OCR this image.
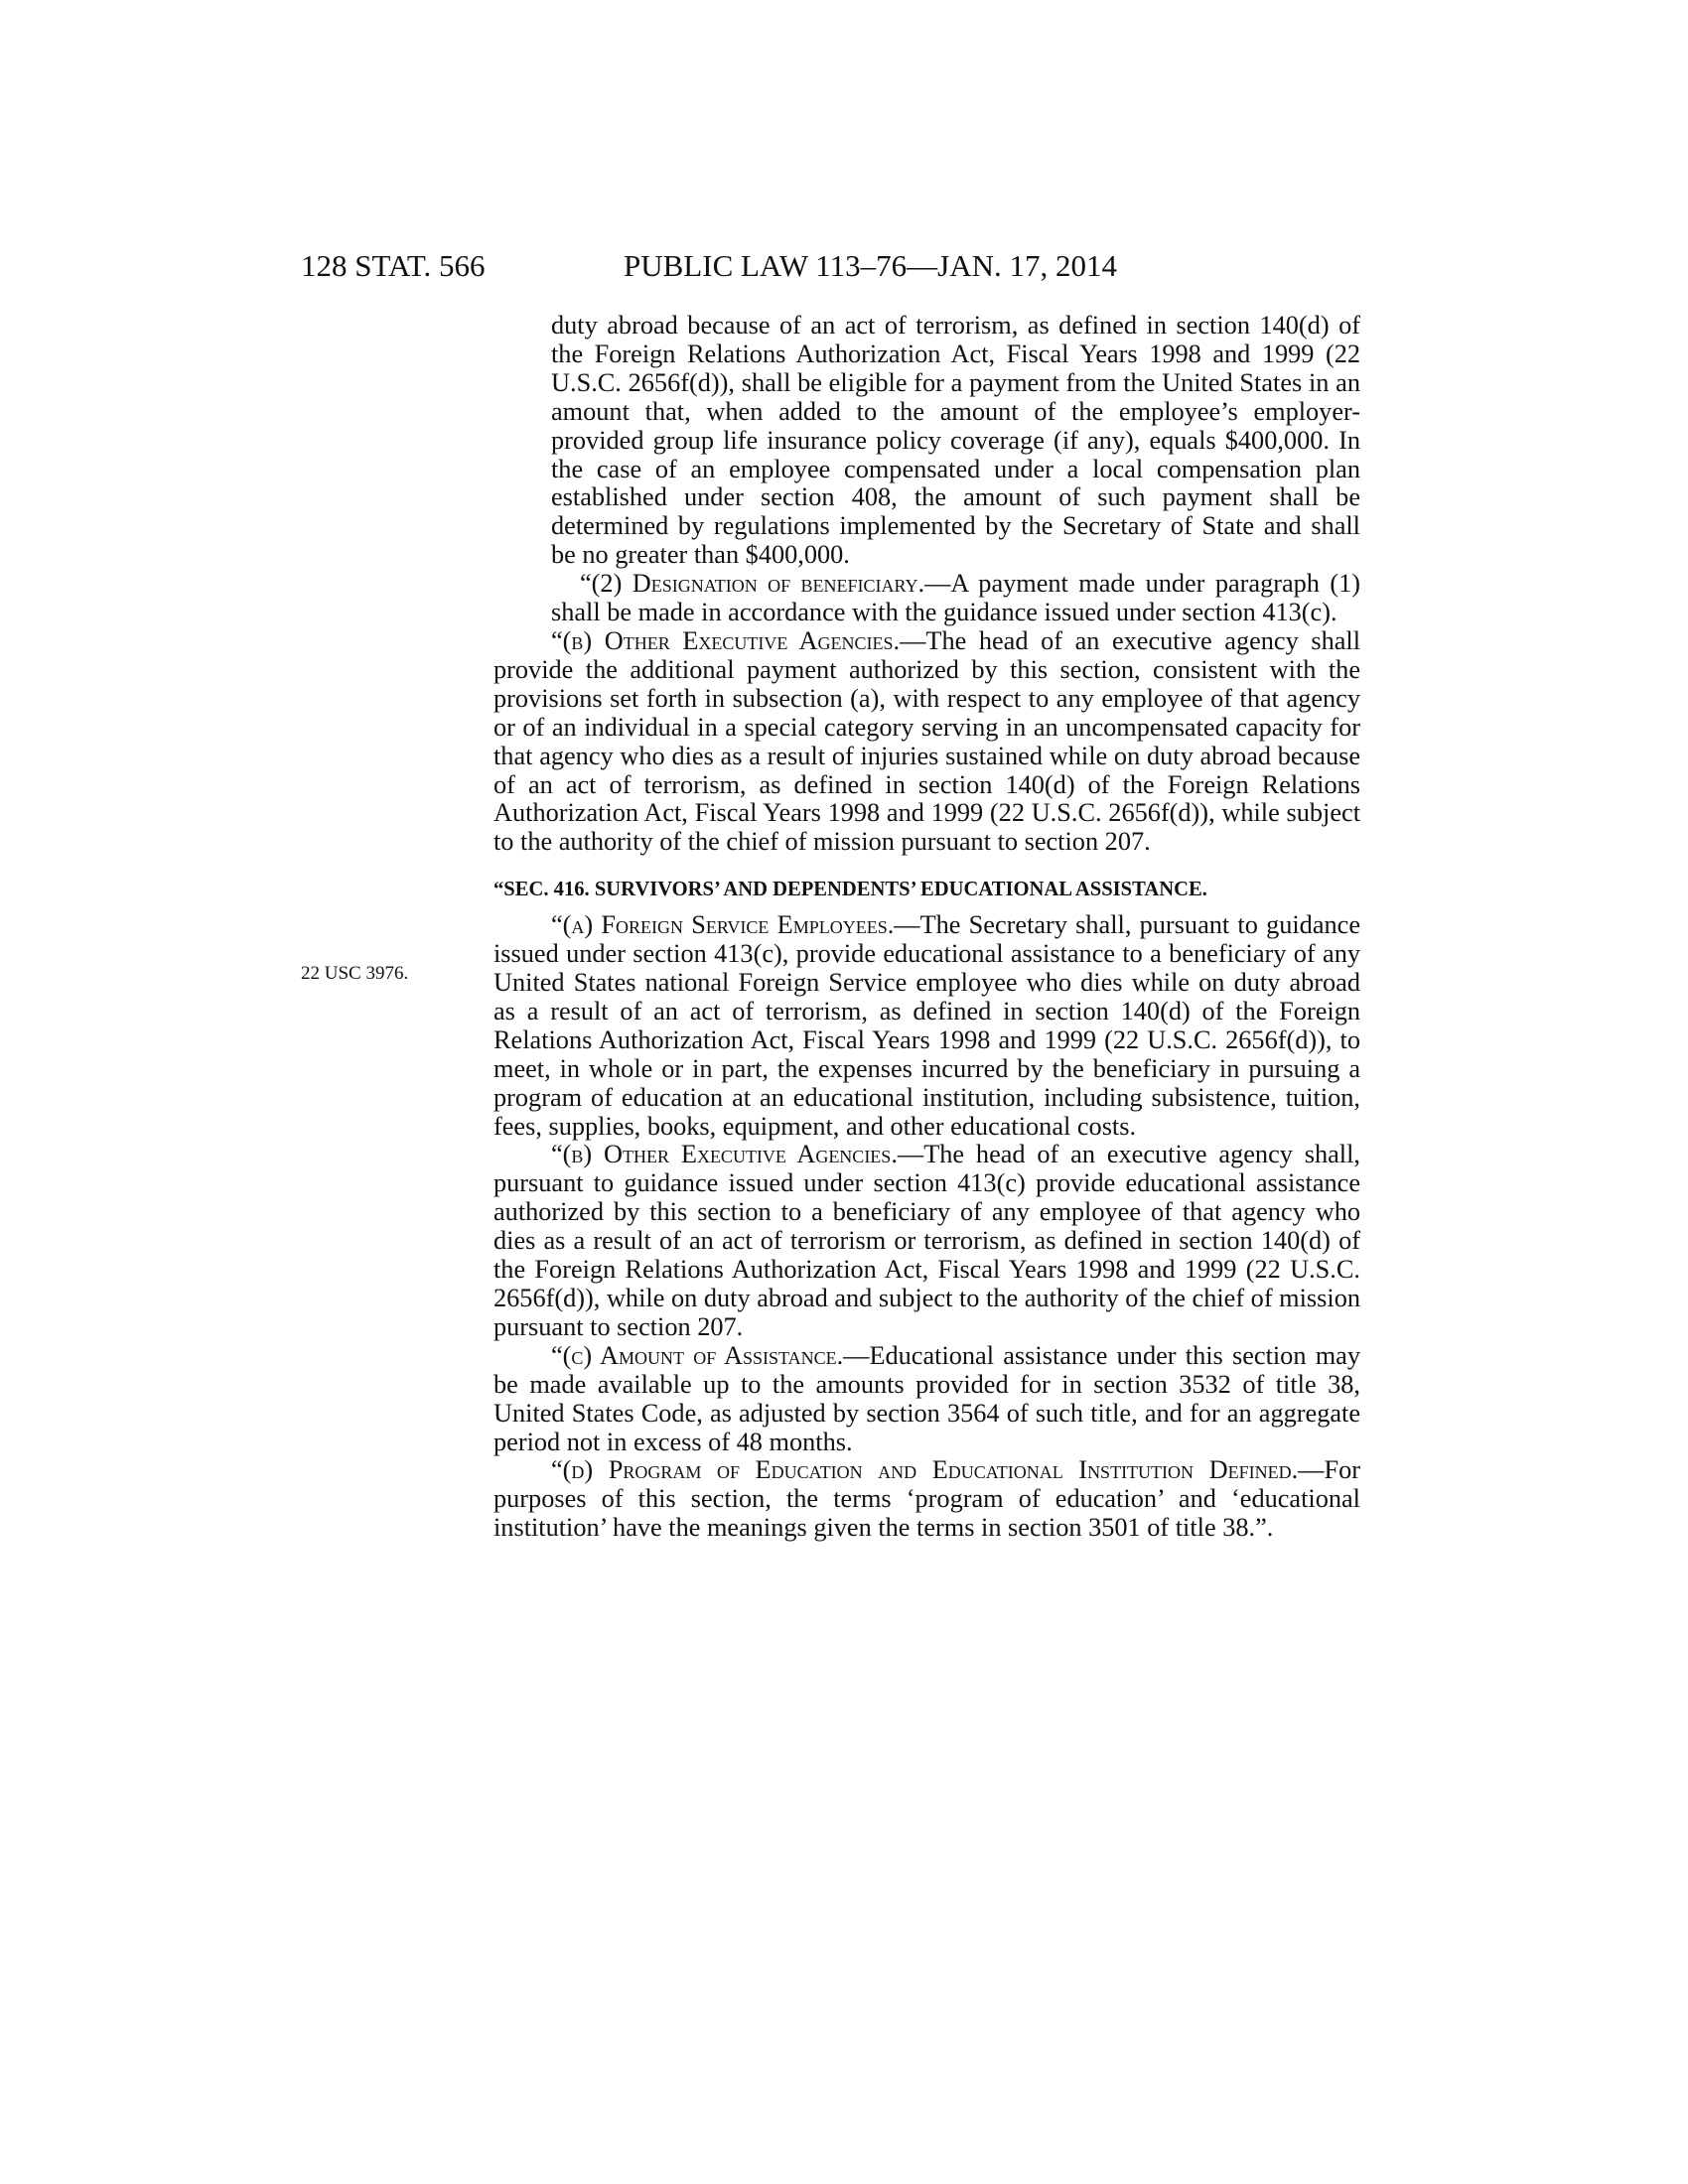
128 STAT. 566	PUBLIC LAW 113–76—JAN. 17, 2014
22 USC 3976.

duty abroad because of an act of terrorism, as defined in section 140(d) of the Foreign Relations Authorization Act, Fiscal Years 1998 and 1999 (22 U.S.C. 2656f(d)), shall be eligible for a payment from the United States in an amount that, when added to the amount of the employee’s employer-provided group life insurance policy coverage (if any), equals $400,000. In the case of an employee compensated under a local compensation plan established under section 408, the amount of such payment shall be determined by regulations implemented by the Secretary of State and shall be no greater than $400,000.

“(2) Designation of beneficiary.—A payment made under paragraph (1) shall be made in accordance with the guidance issued under section 413(c).

“(b) Other Executive Agencies.—The head of an executive agency shall provide the additional payment authorized by this section, consistent with the provisions set forth in subsection (a), with respect to any employee of that agency or of an individual in a special category serving in an uncompensated capacity for that agency who dies as a result of injuries sustained while on duty abroad because of an act of terrorism, as defined in section 140(d) of the Foreign Relations Authorization Act, Fiscal Years 1998 and 1999 (22 U.S.C. 2656f(d)), while subject to the authority of the chief of mission pursuant to section 207.

“SEC. 416. SURVIVORS’ AND DEPENDENTS’ EDUCATIONAL ASSISTANCE.

“(a) Foreign Service Employees.—The Secretary shall, pursuant to guidance issued under section 413(c), provide educational assistance to a beneficiary of any United States national Foreign Service employee who dies while on duty abroad as a result of an act of terrorism, as defined in section 140(d) of the Foreign Relations Authorization Act, Fiscal Years 1998 and 1999 (22 U.S.C. 2656f(d)), to meet, in whole or in part, the expenses incurred by the beneficiary in pursuing a program of education at an educational institution, including subsistence, tuition, fees, supplies, books, equipment, and other educational costs.

“(b) Other Executive Agencies.—The head of an executive agency shall, pursuant to guidance issued under section 413(c) provide educational assistance authorized by this section to a beneficiary of any employee of that agency who dies as a result of an act of terrorism or terrorism, as defined in section 140(d) of the Foreign Relations Authorization Act, Fiscal Years 1998 and 1999 (22 U.S.C. 2656f(d)), while on duty abroad and subject to the authority of the chief of mission pursuant to section 207.

“(c) Amount of Assistance.—Educational assistance under this section may be made available up to the amounts provided for in section 3532 of title 38, United States Code, as adjusted by section 3564 of such title, and for an aggregate period not in excess of 48 months.

“(d) Program of Education and Educational Institution Defined.—For purposes of this section, the terms ‘program of education’ and ‘educational institution’ have the meanings given the terms in section 3501 of title 38.”.
